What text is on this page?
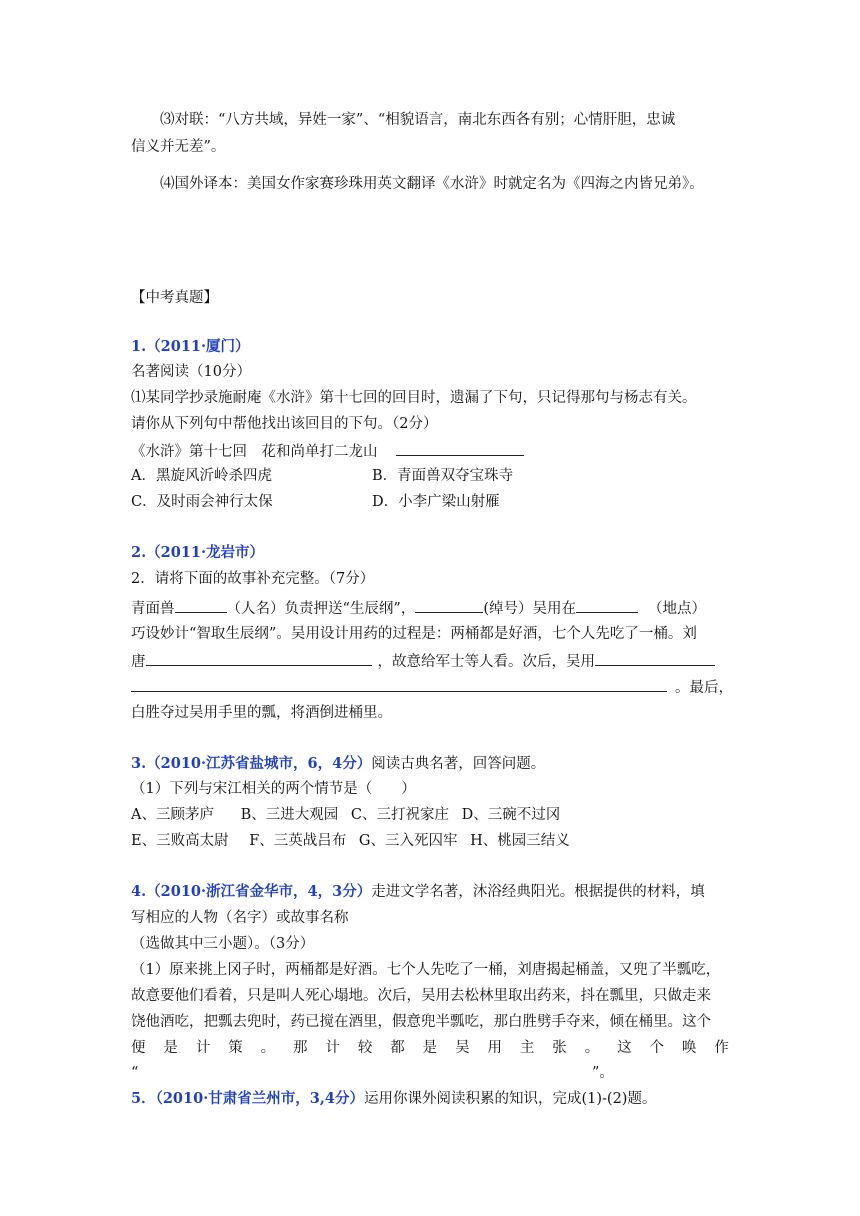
⑶对联：“八方共域，异姓一家”、“相貌语言，南北东西各有别；心情肝胆，忠诚
信义并无差”。
⑷国外译本：美国女作家赛珍珠用英文翻译《水浒》时就定名为《四海之内皆兄弟》。
【中考真题】
1.（2011·厦门）
名著阅读（10分）
⑴某同学抄录施耐庵《水浒》第十七回的回目时，遗漏了下句，只记得那句与杨志有关。
请你从下列句中帮他找出该回目的下句。（2分）
《水浒》第十七回　花和尚单打二龙山
A．黑旋风沂岭杀四虎	B．青面兽双夺宝珠寺
C．及时雨会神行太保	D．小李广梁山射雁
2.（2011·龙岩市）
2．请将下面的故事补充完整。（7分）
青面兽	（人名）负责押送“生辰纲”，	(绰号）吴用在	（地点）
巧设妙计“智取生辰纲”。吴用设计用药的过程是：两桶都是好酒，七个人先吃了一桶。刘
唐	，故意给军士等人看。次后，吴用
。最后，
白胜夺过吴用手里的瓢，将酒倒进桶里。
3.（2010·江苏省盐城市，6，4分）阅读古典名著，回答问题。
（1）下列与宋江相关的两个情节是（　　）
A、三顾茅庐 B、三进大观园 C、三打祝家庄 D、三碗不过冈
E、三败高太尉 F、三英战吕布 G、三入死囚牢 H、桃园三结义
4.（2010·浙江省金华市，4，3分）走进文学名著，沐浴经典阳光。根据提供的材料，填
写相应的人物（名字）或故事名称
（选做其中三小题）。（3分）
（1）原来挑上冈子时，两桶都是好酒。七个人先吃了一桶，刘唐揭起桶盖，又兜了半瓢吃，
故意要他们看着，只是叫人死心塌地。次后，吴用去松林里取出药来，抖在瓢里，只做走来
饶他酒吃，把瓢去兜时，药已搅在酒里，假意兜半瓢吃，那白胜劈手夺来，倾在桶里。这个
便 是 计 策 。 那 计 较 都 是 吴 用 主 张 。 这 个 唤 作
“	”。
5．（2010·甘肃省兰州市，3,4分）运用你课外阅读积累的知识，完成(1)-(2)题。
